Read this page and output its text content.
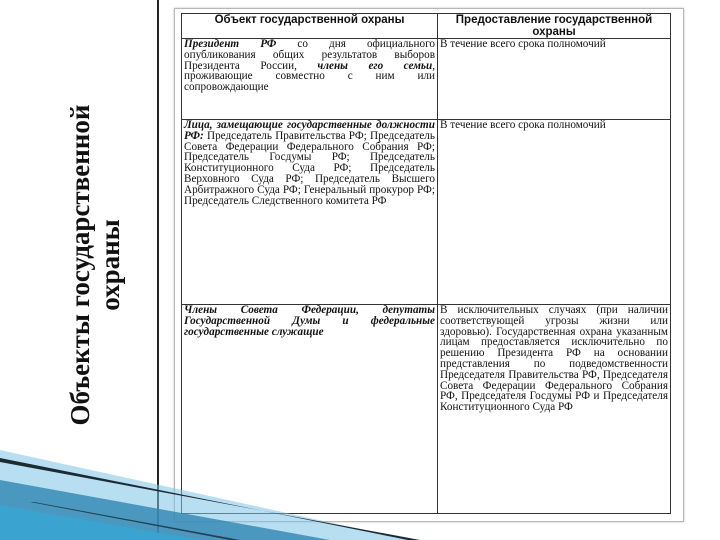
Объекты государственной охраны
Объект государственной охраны	Предоставление государственной охраны

Президент РФ со дня официального опубликования общих результатов выборов Президента России, члены его семьи, проживающие совместно с ним или сопровождающие	В течение всего срока полномочий

Лица, замещающие государственные должности РФ: Председатель Правительства РФ; Председатель Совета Федерации Федерального Собрания РФ; Председатель Госдумы РФ; Председатель Конституционного Суда РФ; Председатель Верховного Суда РФ; Председатель Высшего Арбитражного Суда РФ; Генеральный прокурор РФ; Председатель Следственного комитета РФ	В течение всего срока полномочий

Члены Совета Федерации, депутаты Государственной Думы и федеральные государственные служащие	В исключительных случаях (при наличии соответствующей угрозы жизни или здоровью). Государственная охрана указанным лицам предоставляется исключительно по решению Президента РФ на основании представления по подведомственности Председателя Правительства РФ, Председателя Совета Федерации Федерального Собрания РФ, Председателя Госдумы РФ и Председателя Конституционного Суда РФ
